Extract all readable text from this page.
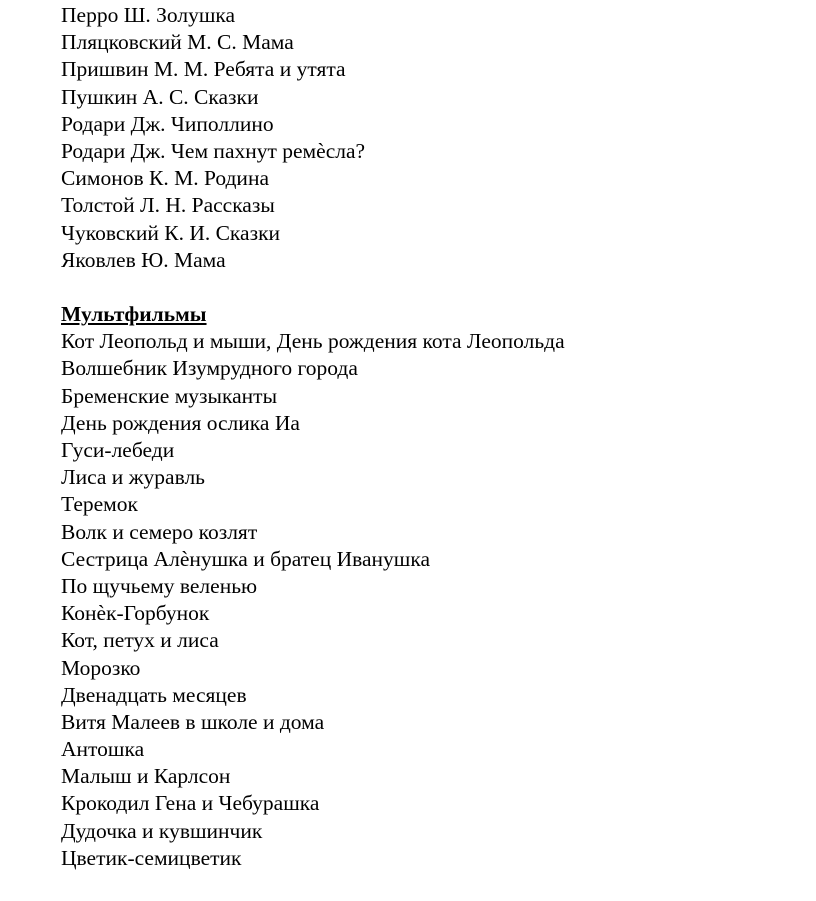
Перро Ш. Золушка
Пляцковский М. С. Мама
Пришвин М. М. Ребята и утята
Пушкин А. С. Сказки
Родари Дж. Чиполлино
Родари Дж. Чем пахнут ремѐсла?
Симонов К. М. Родина
Толстой Л. Н. Рассказы
Чуковский К. И. Сказки
Яковлев Ю. Мама
Мультфильмы
Кот Леопольд и мыши, День рождения кота Леопольда
Волшебник Изумрудного города
Бременские музыканты
День рождения ослика Иа
Гуси-лебеди
Лиса и журавль
Теремок
Волк и семеро козлят
Сестрица Алѐнушка и братец Иванушка
По щучьему веленью
Конѐк-Горбунок
Кот, петух и лиса
Морозко
Двенадцать месяцев
Витя Малеев в школе и дома
Антошка
Малыш и Карлсон
Крокодил Гена и Чебурашка
Дудочка и кувшинчик
Цветик-семицветик
